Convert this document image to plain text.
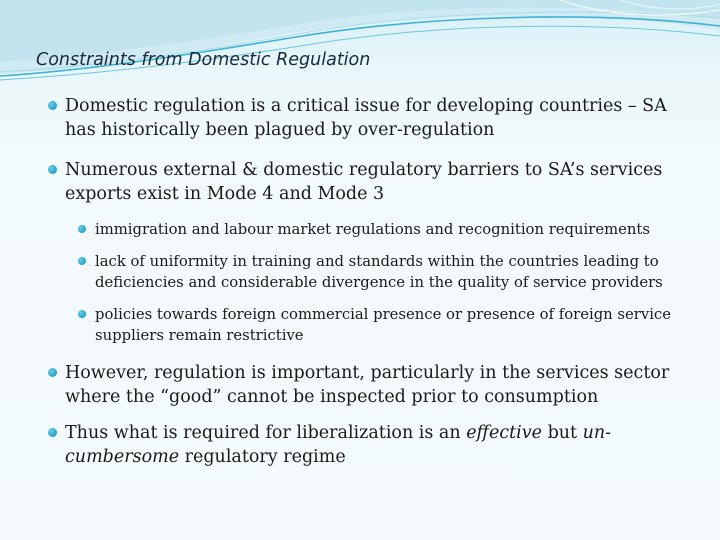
Constraints from Domestic Regulation
Domestic regulation is a critical issue for developing countries – SA has historically been plagued by over-regulation
Numerous external & domestic regulatory barriers to SA’s services exports exist in Mode 4 and Mode 3
immigration and labour market regulations and recognition requirements
lack of uniformity in training and standards within the countries leading to deficiencies and considerable divergence in the quality of service providers
policies towards foreign commercial presence or presence of foreign service suppliers remain restrictive
However, regulation is important, particularly in the services sector where the “good” cannot be inspected prior to consumption
Thus what is required for liberalization is an effective but un-cumbersome regulatory regime
